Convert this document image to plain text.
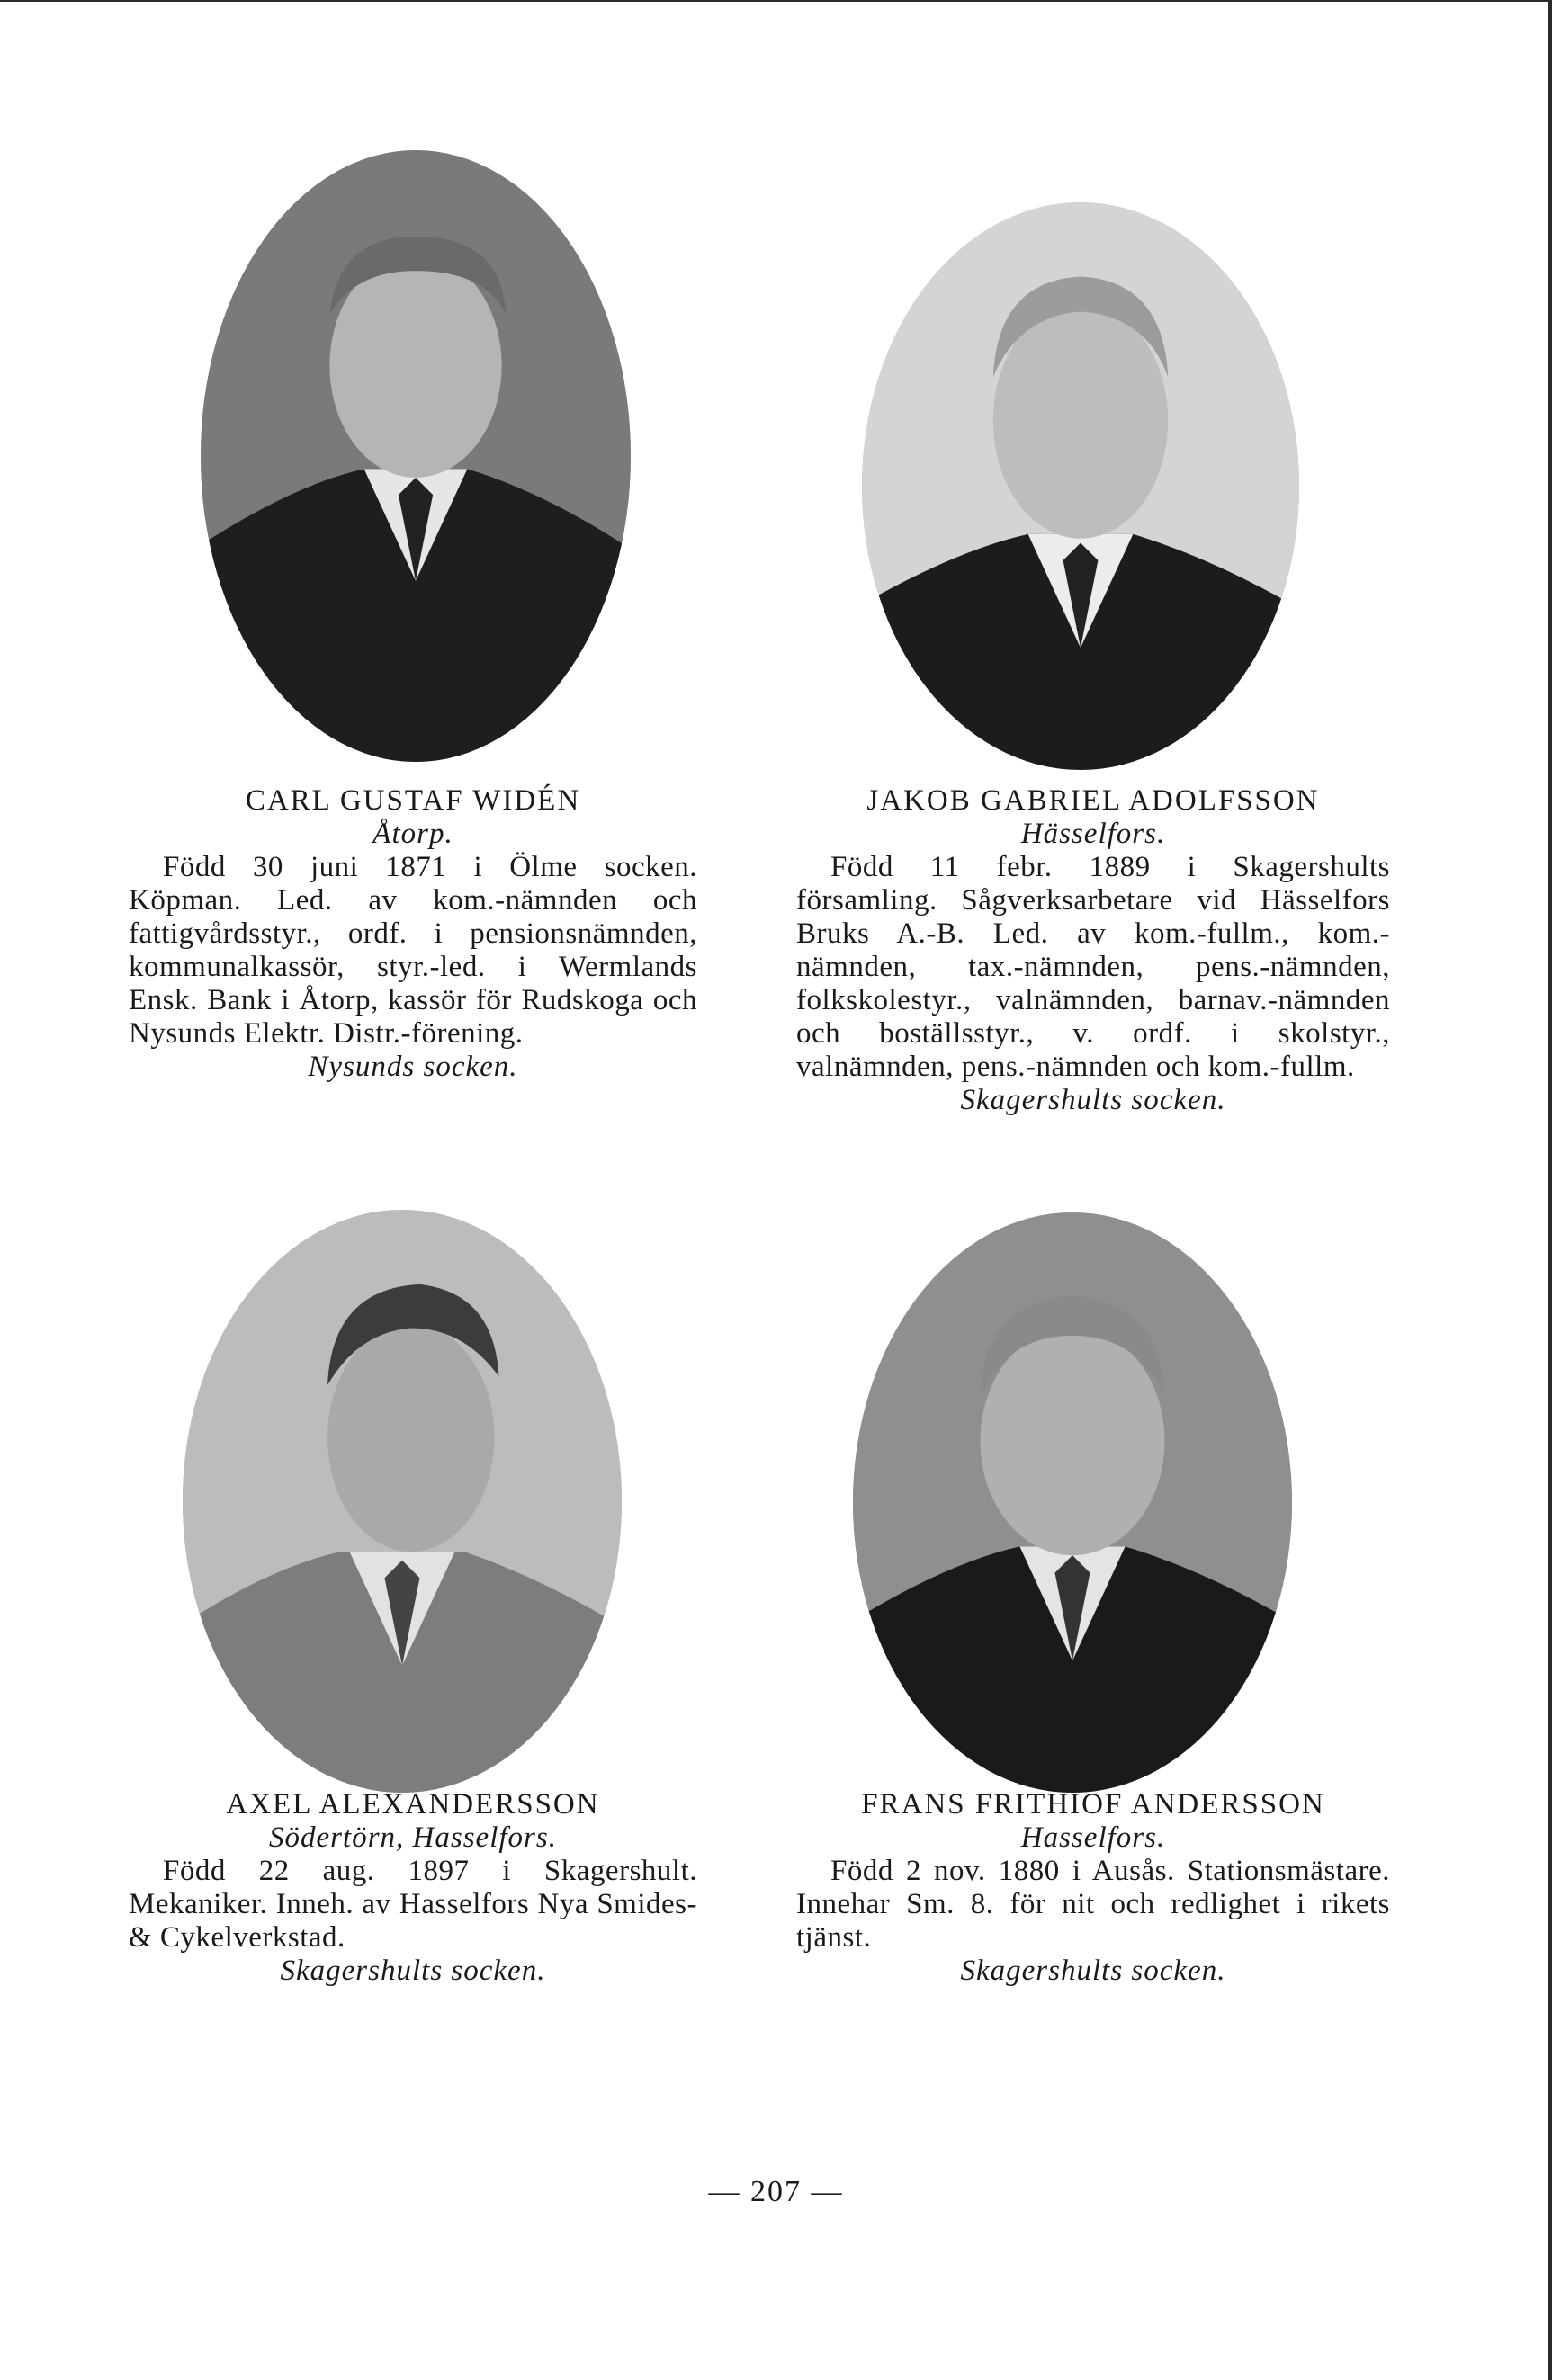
CARL GUSTAF WIDÉN
Åtorp.
Född 30 juni 1871 i Ölme socken. Köpman. Led. av kom.-nämnden och fattigvårdsstyr., ordf. i pensionsnämnden, kommunalkassör, styr.-led. i Wermlands Ensk. Bank i Åtorp, kassör för Rudskoga och Nysunds Elektr. Distr.-förening.
Nysunds socken.
JAKOB GABRIEL ADOLFSSON
Hässelfors.
Född 11 febr. 1889 i Skagershults församling. Sågverksarbetare vid Hässelfors Bruks A.-B. Led. av kom.-fullm., kom.-nämnden, tax.-nämnden, pens.-nämnden, folkskolestyr., valnämnden, barnav.-nämnden och boställsstyr., v. ordf. i skolstyr., valnämnden, pens.-nämnden och kom.-fullm.
Skagershults socken.
AXEL ALEXANDERSSON
Södertörn, Hasselfors.
Född 22 aug. 1897 i Skagershult. Mekaniker. Inneh. av Hasselfors Nya Smides- & Cykelverkstad.
Skagershults socken.
FRANS FRITHIOF ANDERSSON
Hasselfors.
Född 2 nov. 1880 i Ausås. Stationsmästare. Innehar Sm. 8. för nit och redlighet i rikets tjänst.
Skagershults socken.
— 207 —
